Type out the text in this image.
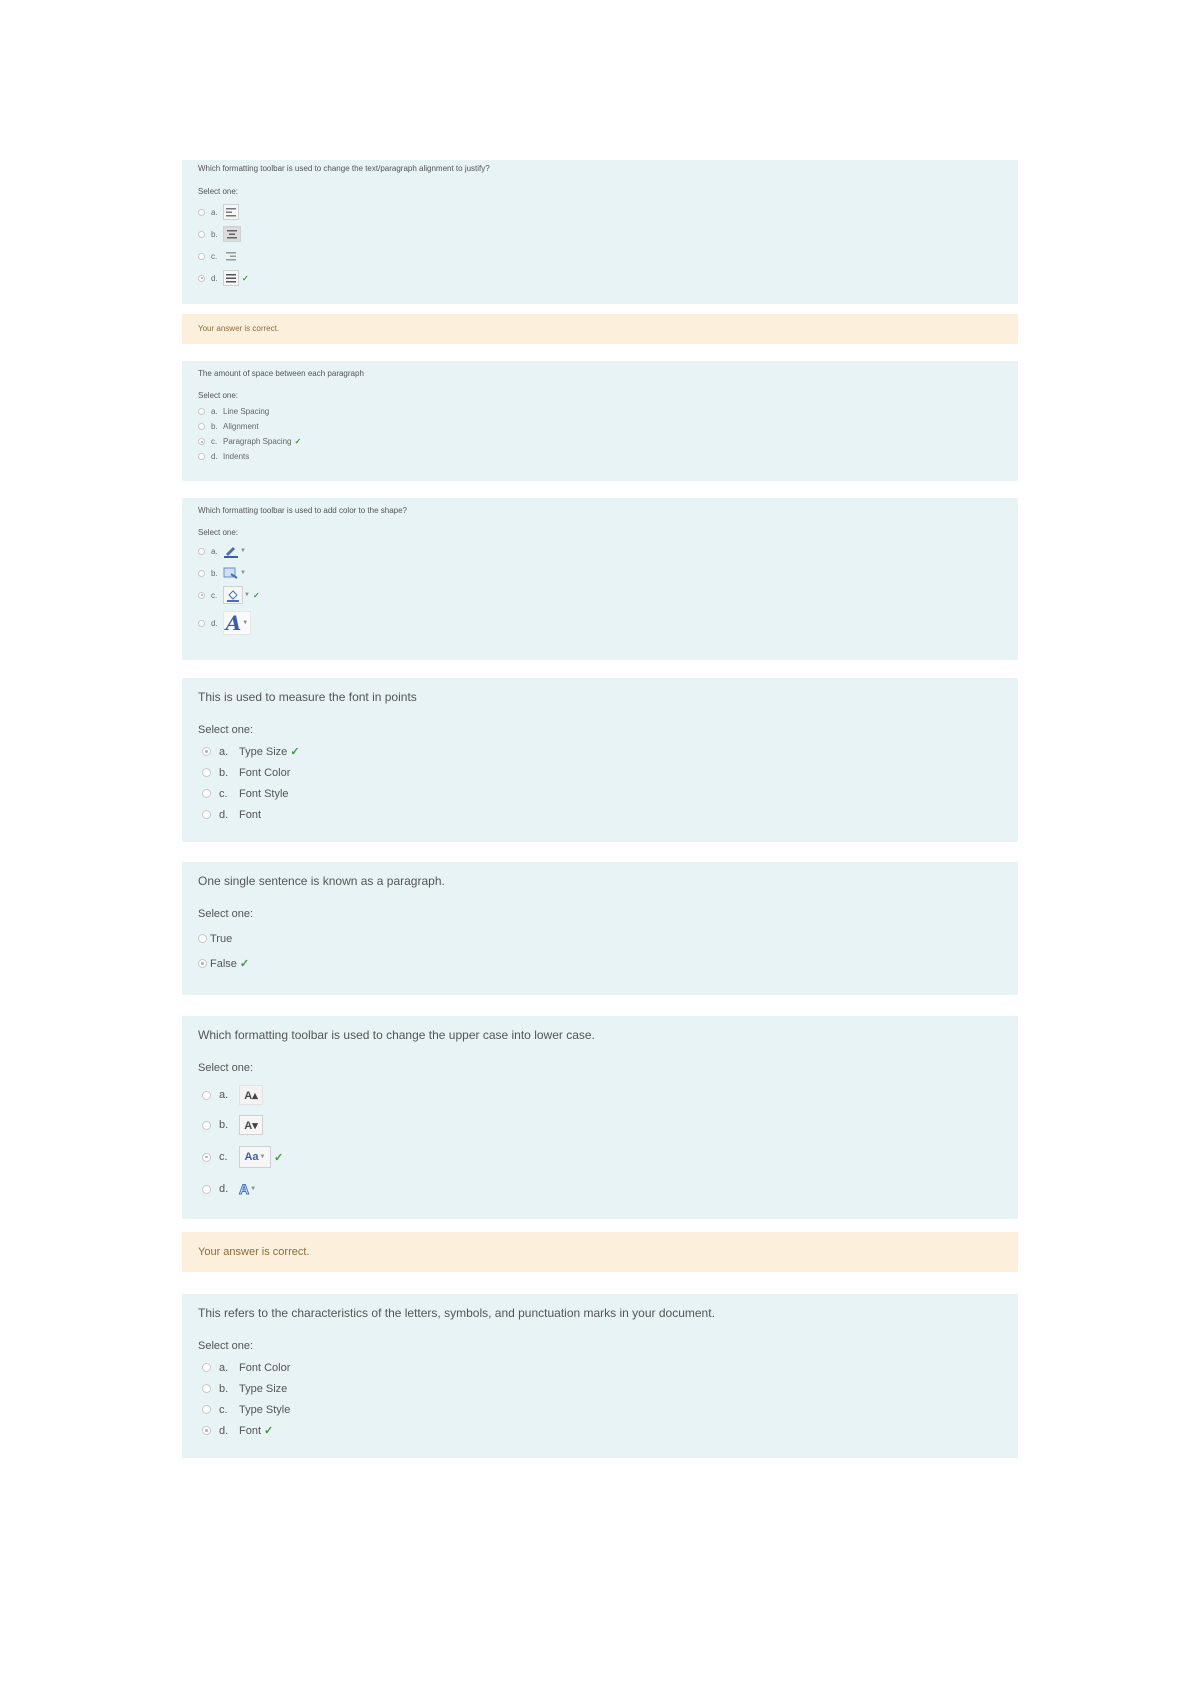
Which formatting toolbar is used to change the text/paragraph alignment to justify?

Select one:

a.
b.
c.
d.	✓
Your answer is correct.

The amount of space between each paragraph

Select one:

a. Line Spacing
b. Alignment
c. Paragraph Spacing ✓
d. Indents

Which formatting toolbar is used to add color to the shape?

Select one:

a.	▼
b.	▼
c.	▼ ✓
d. A ▼

This is used to measure the font in points

Select one:

a. Type Size ✓
b. Font Color
c.	Font Style
d. Font

One single sentence is known as a paragraph.

Select one:

True
False ✓

Which formatting toolbar is used to change the upper case into lower case.

Select one:

a.	A▴
b.	A▾
c.	Aa ▼ ✓
d. A ▼
Your answer is correct.

This refers to the characteristics of the letters, symbols, and punctuation marks in your document.

Select one:

a. Font Color
b. Type Size
c.	Type Style
d. Font ✓
